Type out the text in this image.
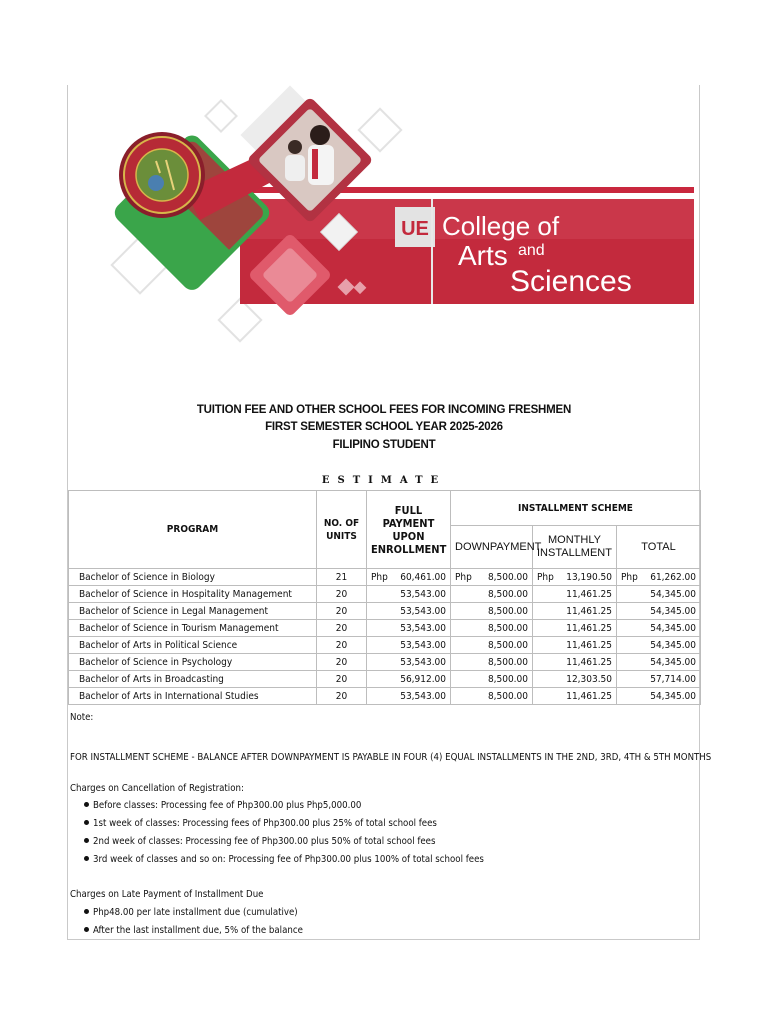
UE College of
Arts and
Sciences
TUITION FEE AND OTHER SCHOOL FEES FOR INCOMING FRESHMEN
FIRST SEMESTER SCHOOL YEAR 2025-2026
FILIPINO STUDENT
ESTIMATE
PROGRAM	NO. OF UNITS	FULL PAYMENT UPON ENROLLMENT	INSTALLMENT SCHEME		
			DOWNPAYMENT	MONTHLY INSTALLMENT	TOTAL
Bachelor of Science in Biology	21	Php 60,461.00	Php 8,500.00	Php 13,190.50	Php 61,262.00
Bachelor of Science in Hospitality Management	20	53,543.00	8,500.00	11,461.25	54,345.00
Bachelor of Science in Legal Management	20	53,543.00	8,500.00	11,461.25	54,345.00
Bachelor of Science in Tourism Management	20	53,543.00	8,500.00	11,461.25	54,345.00
Bachelor of Arts in Political Science	20	53,543.00	8,500.00	11,461.25	54,345.00
Bachelor of Science in Psychology	20	53,543.00	8,500.00	11,461.25	54,345.00
Bachelor of Arts in Broadcasting	20	56,912.00	8,500.00	12,303.50	57,714.00
Bachelor of Arts in International Studies	20	53,543.00	8,500.00	11,461.25	54,345.00
Note:
FOR INSTALLMENT SCHEME - BALANCE AFTER DOWNPAYMENT IS PAYABLE IN FOUR (4) EQUAL INSTALLMENTS IN THE 2ND, 3RD, 4TH & 5TH MONTHS
Charges on Cancellation of Registration:
Before classes: Processing fee of Php300.00 plus Php5,000.00
1st week of classes: Processing fees of Php300.00 plus 25% of total school fees
2nd week of classes: Processing fee of Php300.00 plus 50% of total school fees
3rd week of classes and so on: Processing fee of Php300.00 plus 100% of total school fees
Charges on Late Payment of Installment Due
Php48.00 per late installment due (cumulative)
After the last installment due, 5% of the balance
